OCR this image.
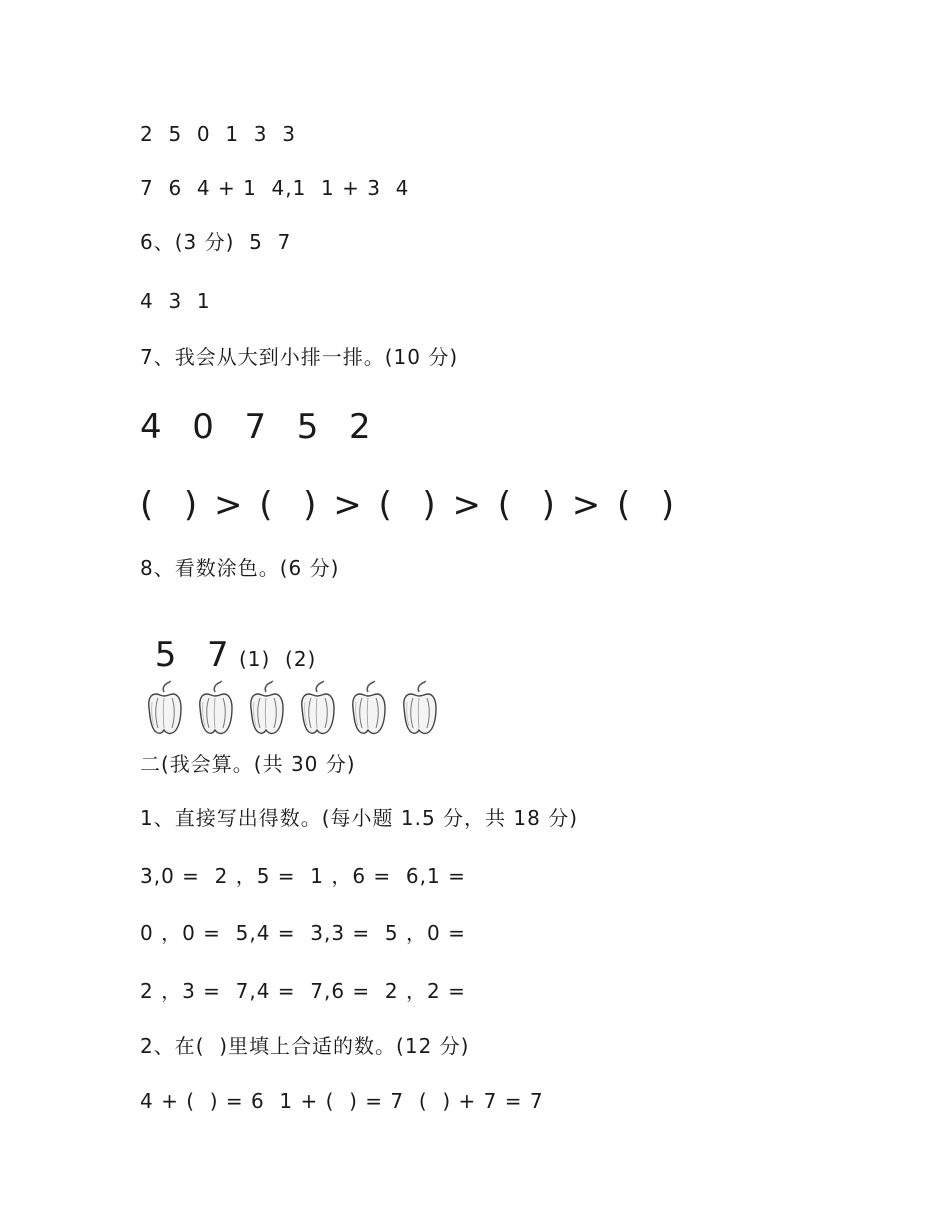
2  5  0  1  3  3
7  6  4 + 1  4,1  1 + 3  4
6、(3 分)  5  7
4  3  1
7、我会从大到小排一排。(10 分)
4  0  7  5  2
(  ) > (  ) > (  ) > (  ) > (  )
8、看数涂色。(6 分)

5  7 (1)  (2)

二(我会算。(共 30 分)
1、直接写出得数。(每小题 1.5 分，共 18 分)
3,0 =  2 ，5 =  1 ，6 =  6,1 =
0 ，0 =  5,4 =  3,3 =  5 ，0 =
2 ，3 =  7,4 =  7,6 =  2 ，2 =
2、在(  )里填上合适的数。(12 分)
4 + (  ) = 6  1 + (  ) = 7  (  ) + 7 = 7
